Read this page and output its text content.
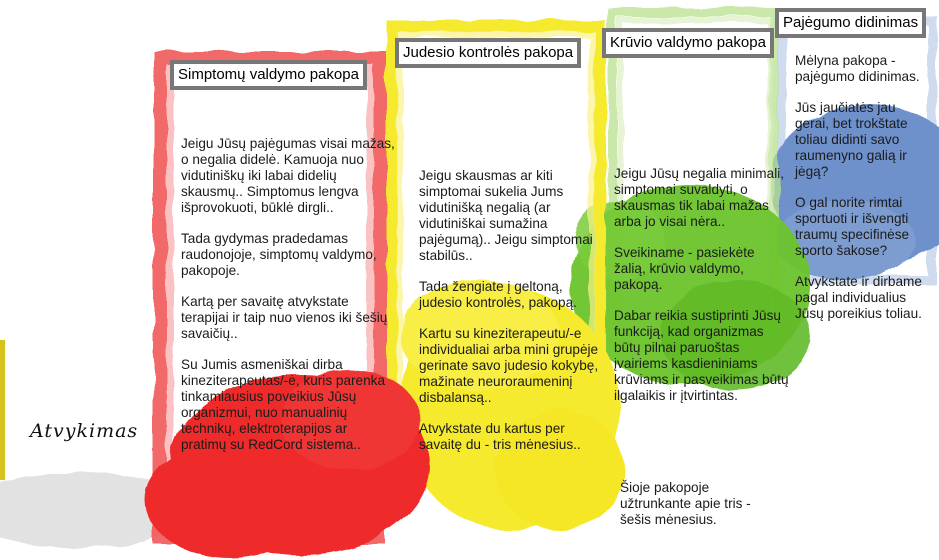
Atvykimas
Simptomų valdymo pakopa

Jeigu Jūsų pajėgumas visai mažas, o negalia didelė. Kamuoja nuo vidutiniškų iki labai didelių skausmų.. Simptomus lengva išprovokuoti, būklė dirgli..

Tada gydymas pradedamas raudonojoje, simptomų valdymo, pakopoje.

Kartą per savaitę atvykstate terapijai ir taip nuo vienos iki šešių savaičių..

Su Jumis asmeniškai dirba kineziterapeutas/-ė, kuris parenka tinkamiausius poveikius Jūsų organizmui, nuo manualinių technikų, elektroterapijos ar pratimų su RedCord sistema..

Judesio kontrolės pakopa

Jeigu skausmas ar kiti simptomai sukelia Jums vidutinišką negalią (ar vidutiniškai sumažina pajėgumą).. Jeigu simptomai stabilūs..

Tada žengiate į geltoną, judesio kontrolės, pakopą.

Kartu su kineziterapeutu/-e individualiai arba mini grupėje gerinate savo judesio kokybę, mažinate neuroraumeninį disbalansą..

Atvykstate du kartus per savaitę du - tris mėnesius..

Krūvio valdymo pakopa

Jeigu Jūsų negalia minimali, simptomai suvaldyti, o skausmas tik labai mažas arba jo visai nėra..

Sveikiname - pasiekėte žalią, krūvio valdymo, pakopą.

Dabar reikia sustiprinti Jūsų funkciją, kad organizmas būtų pilnai paruoštas įvairiems kasdieniniams krūviams ir pasveikimas būtų ilgalaikis ir įtvirtintas.

Šioje pakopoje užtrunkante apie tris - šešis mėnesius.
Pajėgumo didinimas

Mėlyna pakopa - pajėgumo didinimas.

Jūs jaučiatės jau gerai, bet trokštate toliau didinti savo raumenyno galią ir jėgą?

O gal norite rimtai sportuoti ir išvengti traumų specifinėse sporto šakose?

Atvykstate ir dirbame pagal individualius Jūsų poreikius toliau.
